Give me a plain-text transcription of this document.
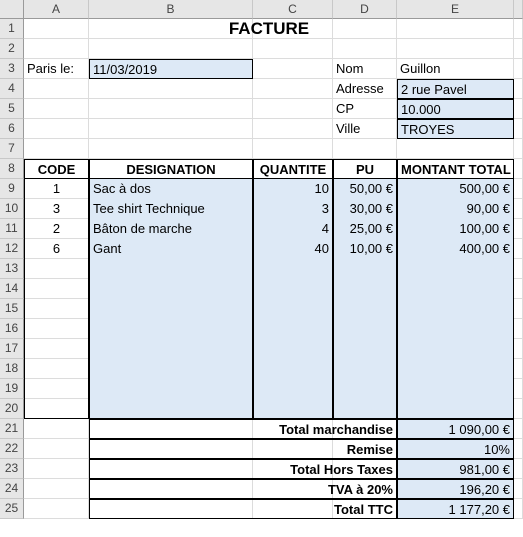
A	B	C	D	E
1
2
3
4
5
6
7
8
9
10
11
12
13
14
15
16
17
18
19
20
21
22
23
24
25
FACTURE
Paris le:	11/03/2019	Nom	Guillon
Adresse	2 rue Pavel
CP	10.000
Ville	TROYES
CODE	DESIGNATION	QUANTITE	PU	MONTANT TOTAL
1	Sac à dos	10	50,00 €	500,00 €
3	Tee shirt Technique	3	30,00 €	90,00 €
2	Bâton de marche	4	25,00 €	100,00 €
6	Gant	40	10,00 €	400,00 €
Total marchandise	1 090,00 €
Remise	10%
Total Hors Taxes	981,00 €
TVA à 20%	196,20 €
Total TTC	1 177,20 €
